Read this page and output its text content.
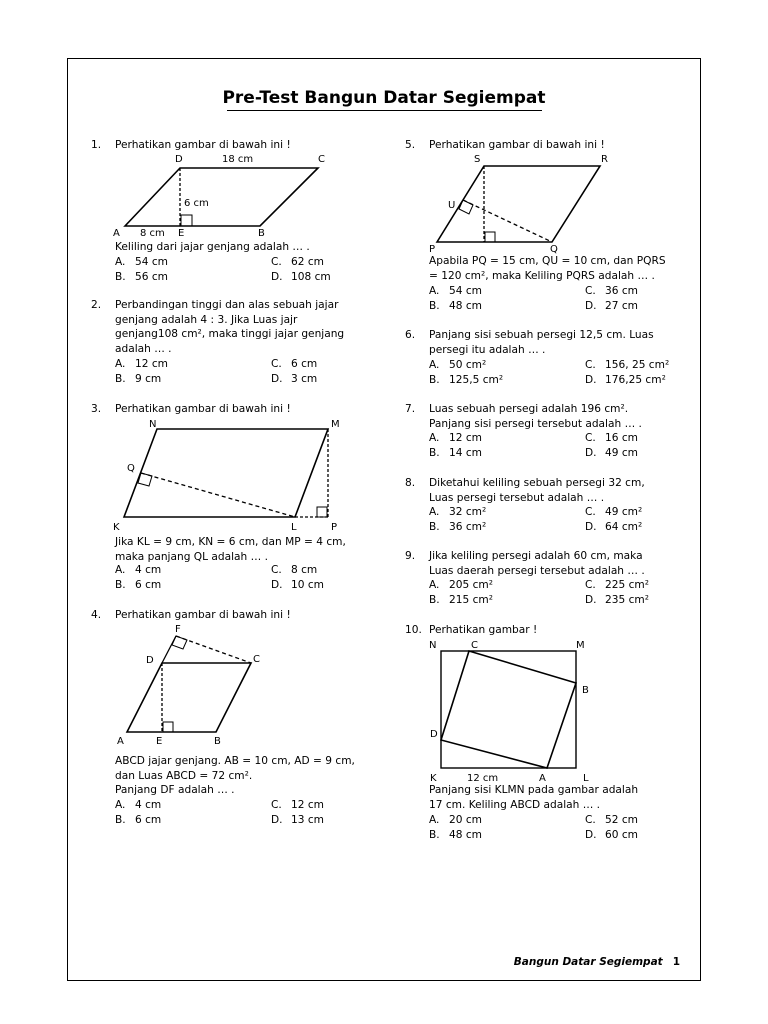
Pre-Test Bangun Datar Segiempat
1. Perhatikan gambar di bawah ini !
D	C
A	E	B
18 cm
6 cm
8 cm
Keliling dari jajar genjang adalah … .
A. 54 cm	C. 62 cm
B. 56 cm	D. 108 cm
2. Perbandingan tinggi dan alas sebuah jajar
genjang adalah 4 : 3. Jika Luas jajr
genjang108 cm², maka tinggi jajar genjang
adalah … .
A. 12 cm	C. 6 cm
B. 9 cm	D. 3 cm
3. Perhatikan gambar di bawah ini !
N	M
Q
K	L	P
Jika KL = 9 cm, KN = 6 cm, dan MP = 4 cm,
maka panjang QL adalah … .
A. 4 cm	C. 8 cm
B. 6 cm	D. 10 cm
4. Perhatikan gambar di bawah ini !
F
D	C
A	E	B
ABCD jajar genjang. AB = 10 cm, AD = 9 cm,
dan Luas ABCD = 72 cm².
Panjang DF adalah … .
A. 4 cm	C. 12 cm
B. 6 cm	D. 13 cm
5. Perhatikan gambar di bawah ini !
S	R
U
P	Q
Apabila PQ = 15 cm, QU = 10 cm, dan PQRS
= 120 cm², maka Keliling PQRS adalah … .
A. 54 cm	C. 36 cm
B. 48 cm	D. 27 cm
6. Panjang sisi sebuah persegi 12,5 cm. Luas
persegi itu adalah … .
A. 50 cm²	C. 156, 25 cm²
B. 125,5 cm²	D. 176,25 cm²
7. Luas sebuah persegi adalah 196 cm².
Panjang sisi persegi tersebut adalah … .
A. 12 cm	C. 16 cm
B. 14 cm	D. 49 cm
8. Diketahui keliling sebuah persegi 32 cm,
Luas persegi tersebut adalah … .
A. 32 cm²	C. 49 cm²
B. 36 cm²	D. 64 cm²
9. Jika keliling persegi adalah 60 cm, maka
Luas daerah persegi tersebut adalah … .
A. 205 cm²	C. 225 cm²
B. 215 cm²	D. 235 cm²
10. Perhatikan gambar !
N	C	M
B
D
K	12 cm	A	L
Panjang sisi KLMN pada gambar adalah
17 cm. Keliling ABCD adalah … .
A. 20 cm	C. 52 cm
B. 48 cm	D. 60 cm
Bangun Datar Segiempat 1
